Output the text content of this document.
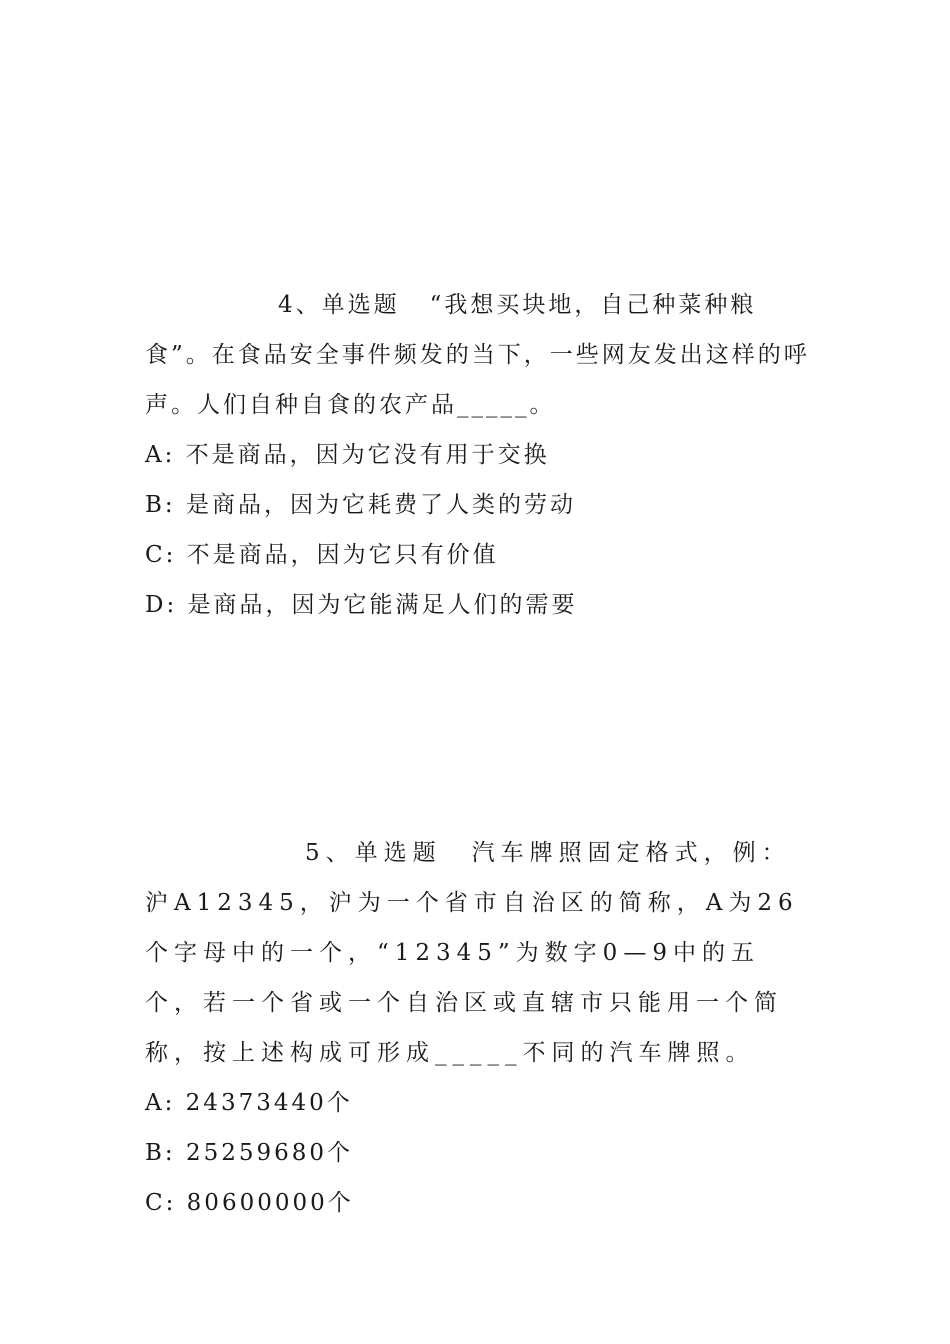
4、单选题 “我想买块地，自己种菜种粮食”。在食品安全事件频发的当下，一些网友发出这样的呼声。人们自种自食的农产品_____。

A: 不是商品，因为它没有用于交换

B: 是商品，因为它耗费了人类的劳动

C: 不是商品，因为它只有价值

D: 是商品，因为它能满足人们的需要

5、单选题 汽车牌照固定格式，例：沪A12345，沪为一个省市自治区的简称，A为26个字母中的一个，“12345”为数字0—9中的五个，若一个省或一个自治区或直辖市只能用一个简称，按上述构成可形成_____不同的汽车牌照。

A: 24373440个

B: 25259680个

C: 80600000个
